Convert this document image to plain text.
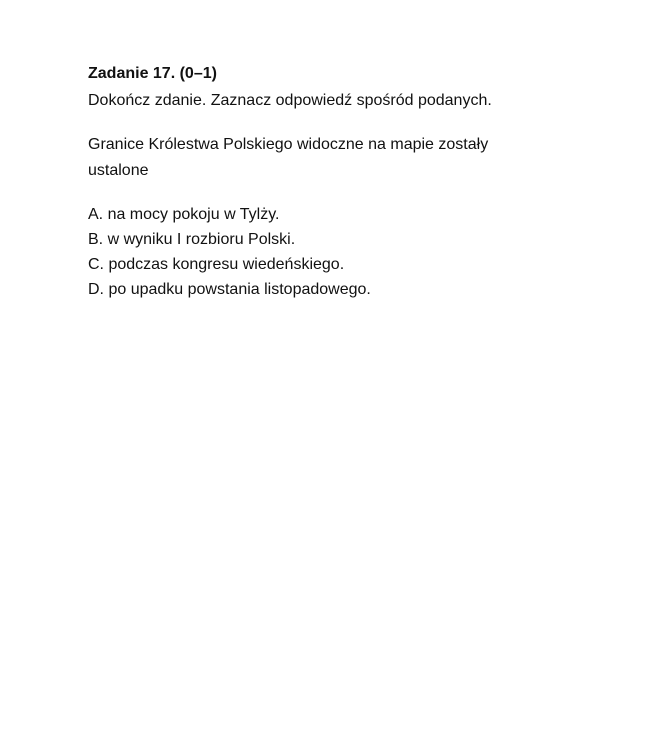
Zadanie 17. (0–1)

Dokończ zdanie. Zaznacz odpowiedź spośród podanych.

Granice Królestwa Polskiego widoczne na mapie zostały
ustalone
A. na mocy pokoju w Tylży.
B. w wyniku I rozbioru Polski.
C. podczas kongresu wiedeńskiego.
D. po upadku powstania listopadowego.
